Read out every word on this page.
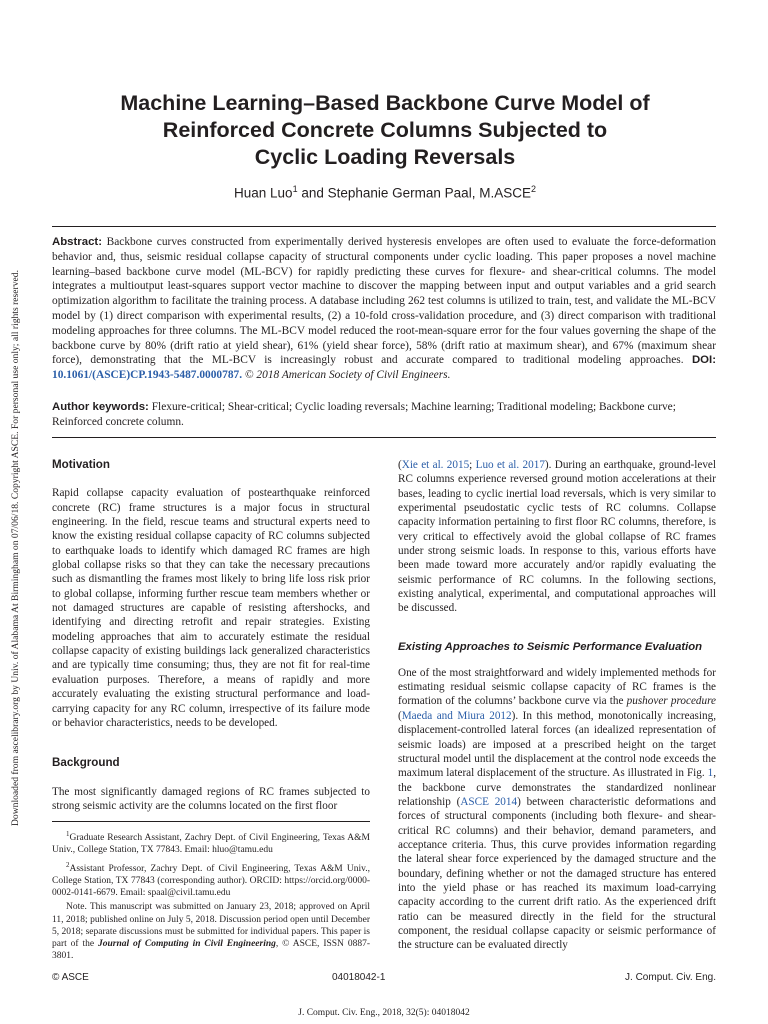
Downloaded from ascelibrary.org by Univ. of Alabama At Birmingham on 07/06/18. Copyright ASCE. For personal use only; all rights reserved.
Machine Learning–Based Backbone Curve Model of
Reinforced Concrete Columns Subjected to
Cyclic Loading Reversals
Huan Luo$^1$ and Stephanie German Paal, M.ASCE$^2$
Abstract: Backbone curves constructed from experimentally derived hysteresis envelopes are often used to evaluate the force-deformation behavior and, thus, seismic residual collapse capacity of structural components under cyclic loading. This paper proposes a novel machine learning–based backbone curve model (ML-BCV) for rapidly predicting these curves for flexure- and shear-critical columns. The model integrates a multioutput least-squares support vector machine to discover the mapping between input and output variables and a grid search optimization algorithm to facilitate the training process. A database including 262 test columns is utilized to train, test, and validate the ML-BCV model by (1) direct comparison with experimental results, (2) a 10-fold cross-validation procedure, and (3) direct comparison with traditional modeling approaches for three columns. The ML-BCV model reduced the root-mean-square error for the four values governing the shape of the backbone curve by 80% (drift ratio at yield shear), 61% (yield shear force), 58% (drift ratio at maximum shear), and 67% (maximum shear force), demonstrating that the ML-BCV is increasingly robust and accurate compared to traditional modeling approaches. DOI: 10.1061/(ASCE)CP.1943-5487.0000787. © 2018 American Society of Civil Engineers.
Author keywords: Flexure-critical; Shear-critical; Cyclic loading reversals; Machine learning; Traditional modeling; Backbone curve; Reinforced concrete column.

Motivation

Rapid collapse capacity evaluation of postearthquake reinforced concrete (RC) frame structures is a major focus in structural engineering. In the field, rescue teams and structural experts need to know the existing residual collapse capacity of RC columns subjected to earthquake loads to identify which damaged RC frames are high global collapse risks so that they can take the necessary precautions such as dismantling the frames most likely to bring life loss risk prior to global collapse, informing further rescue team members whether or not damaged structures are capable of resisting aftershocks, and identifying and directing retrofit and repair strategies. Existing modeling approaches that aim to accurately estimate the residual collapse capacity of existing buildings lack generalized characteristics and are typically time consuming; thus, they are not fit for real-time evaluation purposes. Therefore, a means of rapidly and more accurately evaluating the existing structural performance and load-carrying capacity for any RC column, irrespective of its failure mode or behavior characteristics, needs to be developed.

Background

The most significantly damaged regions of RC frames subjected to strong seismic activity are the columns located on the first floor

$^1$Graduate Research Assistant, Zachry Dept. of Civil Engineering, Texas A&M Univ., College Station, TX 77843. Email: hluo@tamu.edu

$^2$Assistant Professor, Zachry Dept. of Civil Engineering, Texas A&M Univ., College Station, TX 77843 (corresponding author). ORCID: https://orcid.org/0000-0002-0141-6679. Email: spaal@civil.tamu.edu

Note. This manuscript was submitted on January 23, 2018; approved on April 11, 2018; published online on July 5, 2018. Discussion period open until December 5, 2018; separate discussions must be submitted for individual papers. This paper is part of the Journal of Computing in Civil Engineering, © ASCE, ISSN 0887-3801.

(Xie et al. 2015; Luo et al. 2017). During an earthquake, ground-level RC columns experience reversed ground motion accelerations at their bases, leading to cyclic inertial load reversals, which is very similar to experimental pseudostatic cyclic tests of RC columns. Collapse capacity information pertaining to first floor RC columns, therefore, is very critical to effectively avoid the global collapse of RC frames under strong seismic loads. In response to this, various efforts have been made toward more accurately and/or rapidly evaluating the seismic performance of RC columns. In the following sections, existing analytical, experimental, and computational approaches will be discussed.

Existing Approaches to Seismic Performance Evaluation

One of the most straightforward and widely implemented methods for estimating residual seismic collapse capacity of RC frames is the formation of the columns’ backbone curve via the pushover procedure (Maeda and Miura 2012). In this method, monotonically increasing, displacement-controlled lateral forces (an idealized representation of seismic loads) are imposed at a prescribed height on the target structural model until the displacement at the control node exceeds the maximum lateral displacement of the structure. As illustrated in Fig. 1, the backbone curve demonstrates the standardized nonlinear relationship (ASCE 2014) between characteristic deformations and forces of structural components (including both flexure- and shear-critical RC columns) and their behavior, demand parameters, and acceptance criteria. Thus, this curve provides information regarding the lateral shear force experienced by the damaged structure and the boundary, defining whether or not the damaged structure has entered into the yield phase or has reached its maximum load-carrying capacity according to the current drift ratio. As the experienced drift ratio can be measured directly in the field for the structural component, the residual collapse capacity or seismic performance of the structure can be evaluated directly

© ASCE	04018042-1	J. Comput. Civ. Eng.
J. Comput. Civ. Eng., 2018, 32(5): 04018042
